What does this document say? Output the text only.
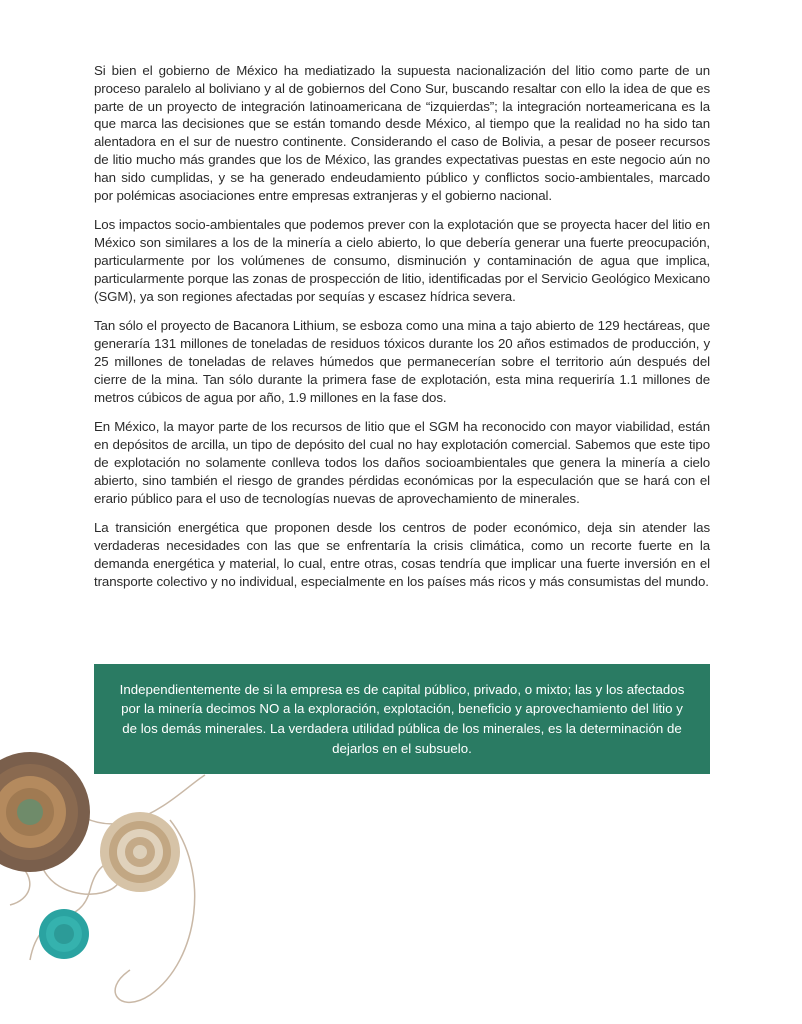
Si bien el gobierno de México ha mediatizado la supuesta nacionalización del litio como parte de un proceso paralelo al boliviano y al de gobiernos del Cono Sur, buscando resaltar con ello la idea de que es parte de un proyecto de integración latinoamericana de “izquierdas”; la integración norteamericana es la que marca las decisiones que se están tomando desde México, al tiempo que la realidad no ha sido tan alentadora en el sur de nuestro continente. Considerando el caso de Bolivia, a pesar de poseer recursos de litio mucho más grandes que los de México, las grandes expectativas puestas en este negocio aún no han sido cumplidas, y se ha generado endeudamiento público y conflictos socio-ambientales, marcado por polémicas asociaciones entre empresas extranjeras y el gobierno nacional.

Los impactos socio-ambientales que podemos prever con la explotación que se proyecta hacer del litio en México son similares a los de la minería a cielo abierto, lo que debería generar una fuerte preocupación, particularmente por los volúmenes de consumo, disminución y contaminación de agua que implica, particularmente porque las zonas de prospección de litio, identificadas por el Servicio Geológico Mexicano (SGM), ya son regiones afectadas por sequías y escasez hídrica severa.

Tan sólo el proyecto de Bacanora Lithium, se esboza como una mina a tajo abierto de 129 hectáreas, que generaría 131 millones de toneladas de residuos tóxicos durante los 20 años estimados de producción, y 25 millones de toneladas de relaves húmedos que permanecerían sobre el territorio aún después del cierre de la mina. Tan sólo durante la primera fase de explotación, esta mina requeriría 1.1 millones de metros cúbicos de agua por año, 1.9 millones en la fase dos.

En México, la mayor parte de los recursos de litio que el SGM ha reconocido con mayor viabilidad, están en depósitos de arcilla, un tipo de depósito del cual no hay explotación comercial. Sabemos que este tipo de explotación no solamente conlleva todos los daños socioambientales que genera la minería a cielo abierto, sino también el riesgo de grandes pérdidas económicas por la especulación que se hará con el erario público para el uso de tecnologías nuevas de aprovechamiento de minerales.

La transición energética que proponen desde los centros de poder económico, deja sin atender las verdaderas necesidades con las que se enfrentaría la crisis climática, como un recorte fuerte en la demanda energética y material, lo cual, entre otras, cosas tendría que implicar una fuerte inversión en el transporte colectivo y no individual, especialmente en los países más ricos y más consumistas del mundo.

Independientemente de si la empresa es de capital público, privado, o mixto; las y los afectados por la minería decimos NO a la exploración, explotación, beneficio y aprovechamiento del litio y de los demás minerales. La verdadera utilidad pública de los minerales, es la determinación de dejarlos en el subsuelo.
